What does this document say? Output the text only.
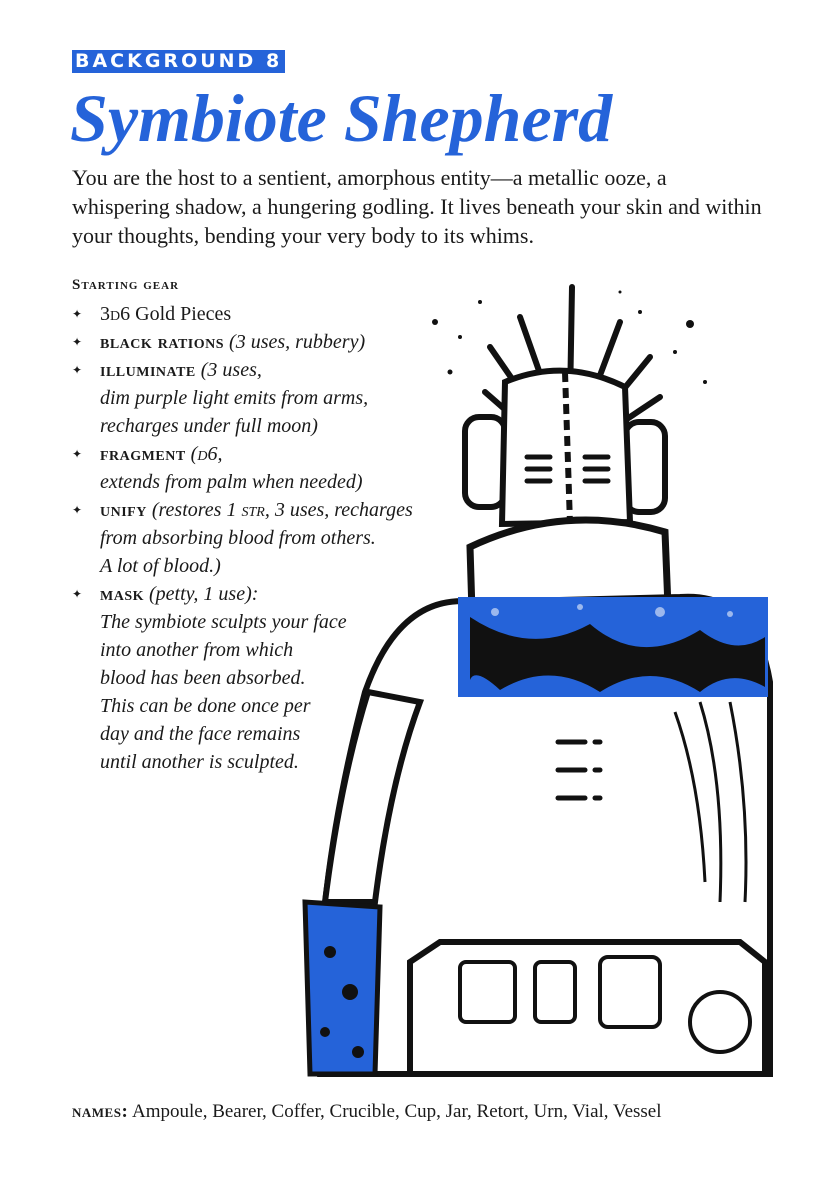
BACKGROUND 8
Symbiote Shepherd

You are the host to a sentient, amorphous entity—a metallic ooze, a whispering shadow, a hungering godling. It lives beneath your skin and within your thoughts, bending your very body to its whims.

Starting gear
✦ 3d6 Gold Pieces
✦ black rations (3 uses, rubbery)
✦ illuminate (3 uses,
dim purple light emits from arms,
recharges under full moon)
✦ fragment (d6,
extends from palm when needed)
✦ unify (restores 1 str, 3 uses, recharges
from absorbing blood from others.
A lot of blood.)
✦ mask (petty, 1 use):
The symbiote sculpts your face
into another from which
blood has been absorbed.
This can be done once per
day and the face remains
until another is sculpted.

names: Ampoule, Bearer, Coffer, Crucible, Cup, Jar, Retort, Urn, Vial, Vessel
